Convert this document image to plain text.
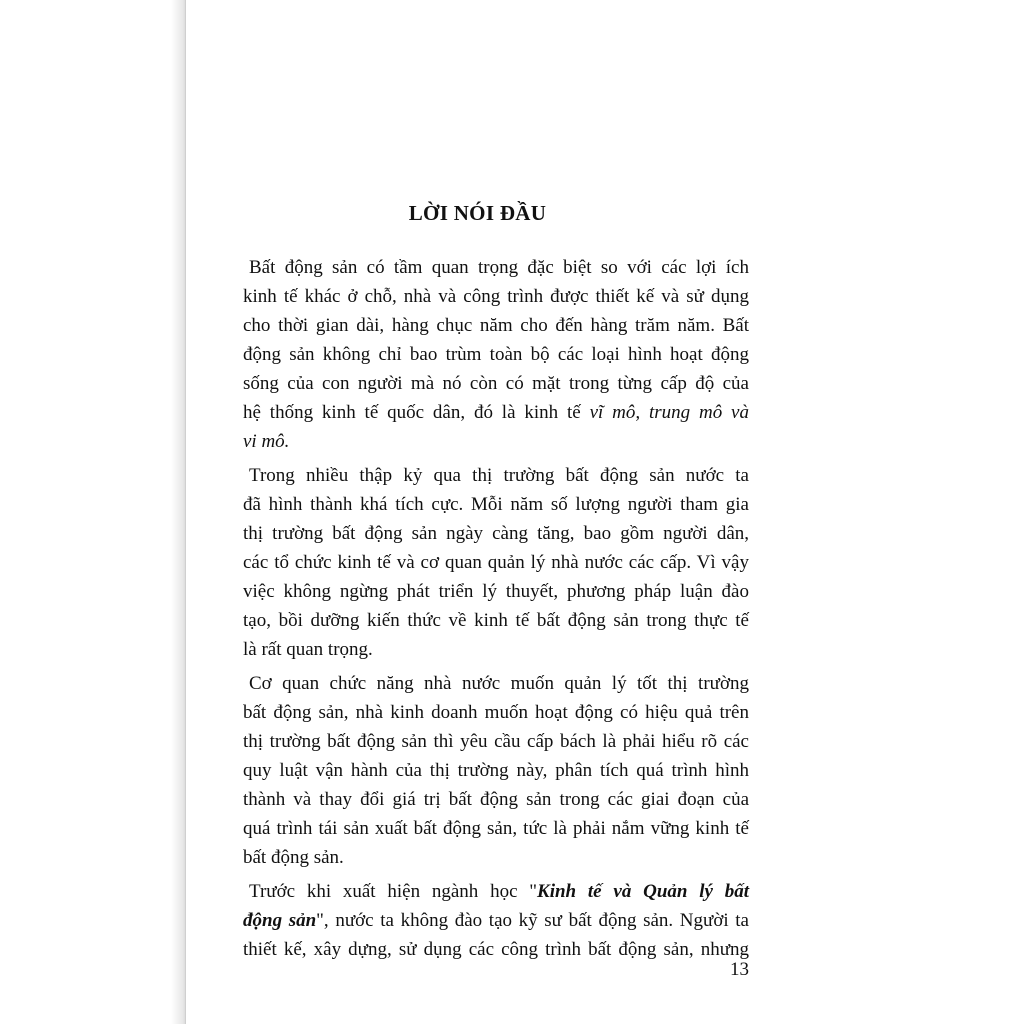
LỜI NÓI ĐẦU

Bất động sản có tầm quan trọng đặc biệt so với các lợi ích
kinh tế khác ở chỗ, nhà và công trình được thiết kế và sử dụng
cho thời gian dài, hàng chục năm cho đến hàng trăm năm. Bất
động sản không chỉ bao trùm toàn bộ các loại hình hoạt động
sống của con người mà nó còn có mặt trong từng cấp độ của
hệ thống kinh tế quốc dân, đó là kinh tế vĩ mô, trung mô và
vi mô.

Trong nhiều thập kỷ qua thị trường bất động sản nước ta
đã hình thành khá tích cực. Mỗi năm số lượng người tham gia
thị trường bất động sản ngày càng tăng, bao gồm người dân,
các tổ chức kinh tế và cơ quan quản lý nhà nước các cấp. Vì vậy
việc không ngừng phát triển lý thuyết, phương pháp luận đào
tạo, bồi dưỡng kiến thức về kinh tế bất động sản trong thực tế
là rất quan trọng.

Cơ quan chức năng nhà nước muốn quản lý tốt thị trường
bất động sản, nhà kinh doanh muốn hoạt động có hiệu quả trên
thị trường bất động sản thì yêu cầu cấp bách là phải hiểu rõ các
quy luật vận hành của thị trường này, phân tích quá trình hình
thành và thay đổi giá trị bất động sản trong các giai đoạn của
quá trình tái sản xuất bất động sản, tức là phải nắm vững kinh tế
bất động sản.

Trước khi xuất hiện ngành học "Kinh tế và Quản lý bất
động sản", nước ta không đào tạo kỹ sư bất động sản. Người ta
thiết kế, xây dựng, sử dụng các công trình bất động sản, nhưng

13
